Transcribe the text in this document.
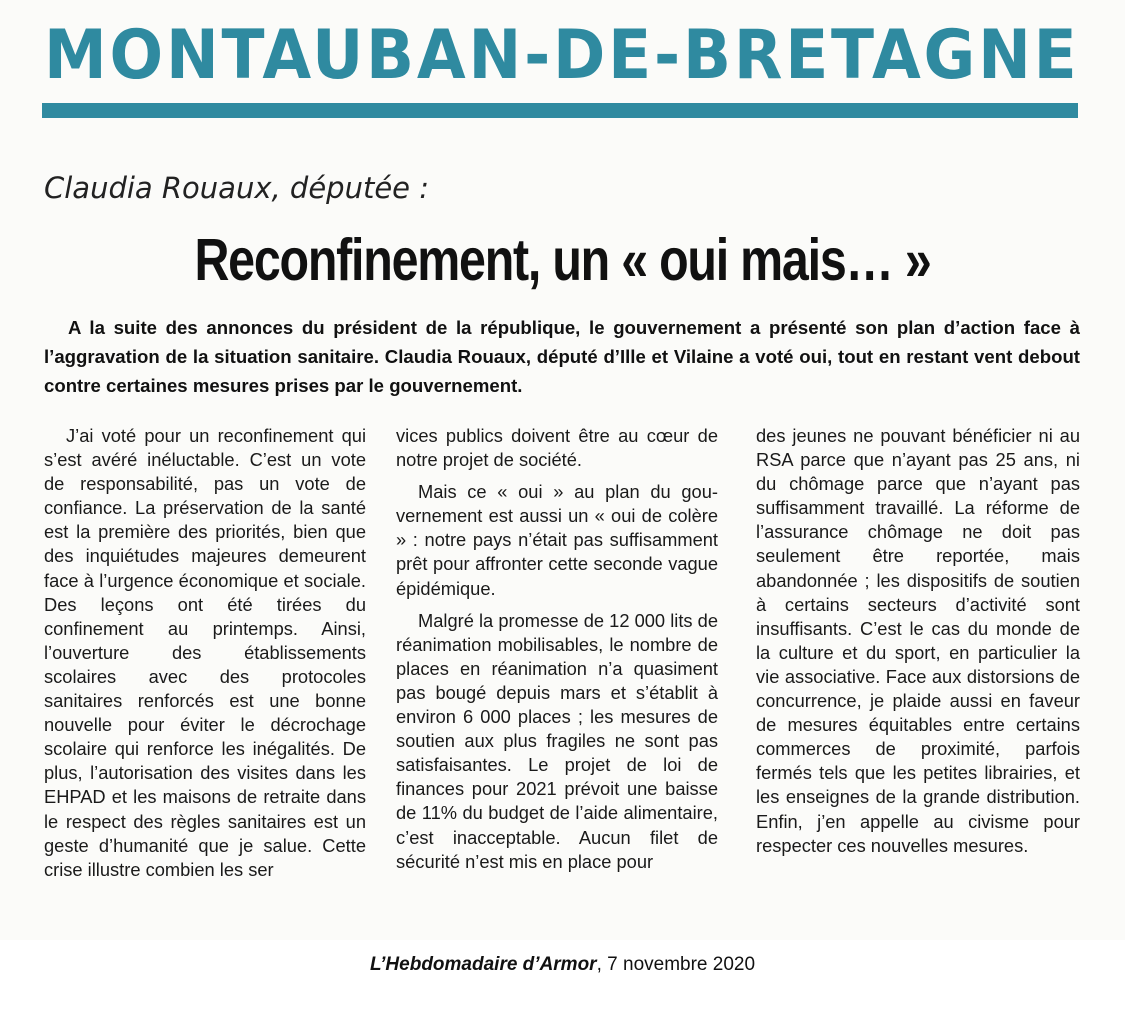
MONTAUBAN-DE-BRETAGNE
Claudia Rouaux, députée :
Reconfinement, un « oui mais… »

A la suite des annonces du président de la république, le gouvernement a présenté son plan d’action face à l’aggravation de la situation sanitaire. Claudia Rouaux, député d’Ille et Vilaine a voté oui, tout en restant vent debout contre certaines mesures prises par le gouvernement.

J’ai voté pour un reconfinement qui s’est avéré inéluctable. C’est un vote de responsabilité, pas un vote de confiance. La préservation de la santé est la première des priorités, bien que des inquiétudes majeures demeurent face à l’urgence économique et sociale. Des leçons ont été tirées du confinement au printemps. Ainsi, l’ouverture des établissements scolaires avec des protocoles sanitaires renforcés est une bonne nouvelle pour éviter le décrochage scolaire qui renforce les inégalités. De plus, l’autorisation des visites dans les EHPAD et les maisons de retraite dans le respect des règles sanitaires est un geste d’humanité que je salue. Cette crise illustre combien les ser

vices publics doivent être au cœur de notre projet de société.

Mais ce « oui » au plan du gouvernement est aussi un « oui de colère » : notre pays n’était pas suffisamment prêt pour affronter cette seconde vague épidémique.

Malgré la promesse de 12 000 lits de réanimation mobilisables, le nombre de places en réanimation n’a quasiment pas bougé depuis mars et s’établit à environ 6 000 places ; les mesures de soutien aux plus fragiles ne sont pas satisfaisantes. Le projet de loi de finances pour 2021 prévoit une baisse de 11% du budget de l’aide alimentaire, c’est inacceptable. Aucun filet de sécurité n’est mis en place pour

des jeunes ne pouvant bénéficier ni au RSA parce que n’ayant pas 25 ans, ni du chômage parce que n’ayant pas suffisamment travaillé. La réforme de l’assurance chômage ne doit pas seulement être reportée, mais abandonnée ; les dispositifs de soutien à certains secteurs d’activité sont insuffisants. C’est le cas du monde de la culture et du sport, en particulier la vie associative. Face aux distorsions de concurrence, je plaide aussi en faveur de mesures équitables entre certains commerces de proximité, parfois fermés tels que les petites librairies, et les enseignes de la grande distribution. Enfin, j’en appelle au civisme pour respecter ces nouvelles mesures.

L’Hebdomadaire d’Armor, 7 novembre 2020
